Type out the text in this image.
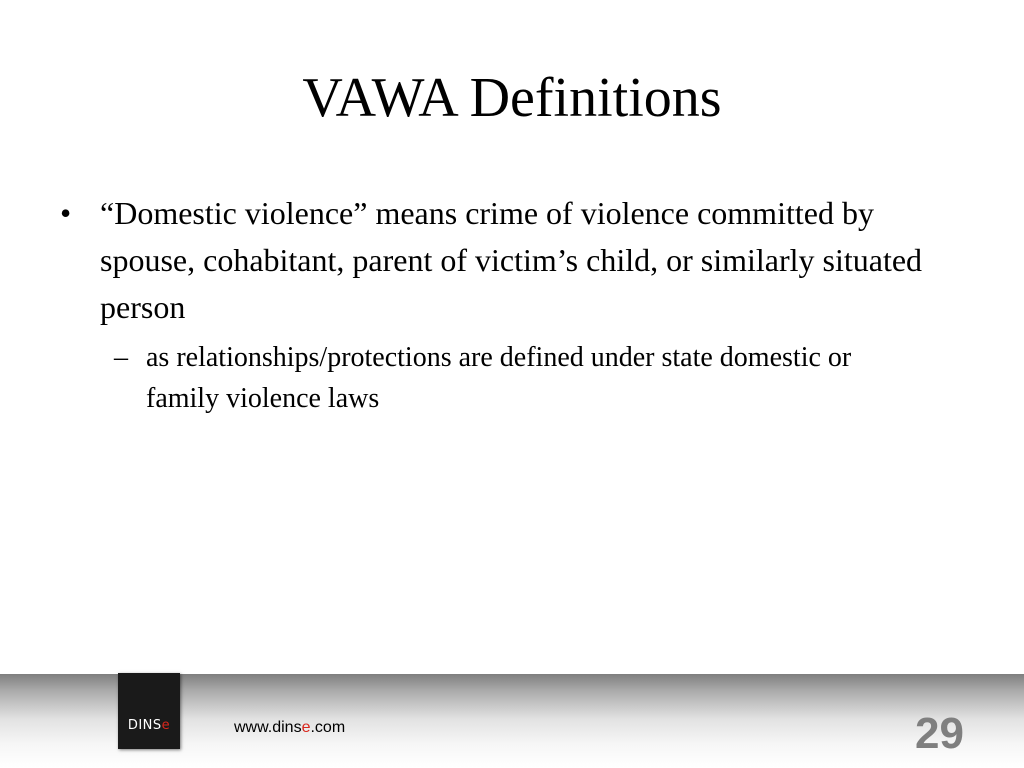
VAWA Definitions
• “Domestic violence” means crime of violence committed by spouse, cohabitant, parent of victim’s child, or similarly situated person
– as relationships/protections are defined under state domestic or family violence laws
DINSe	www.dinse.com	29
